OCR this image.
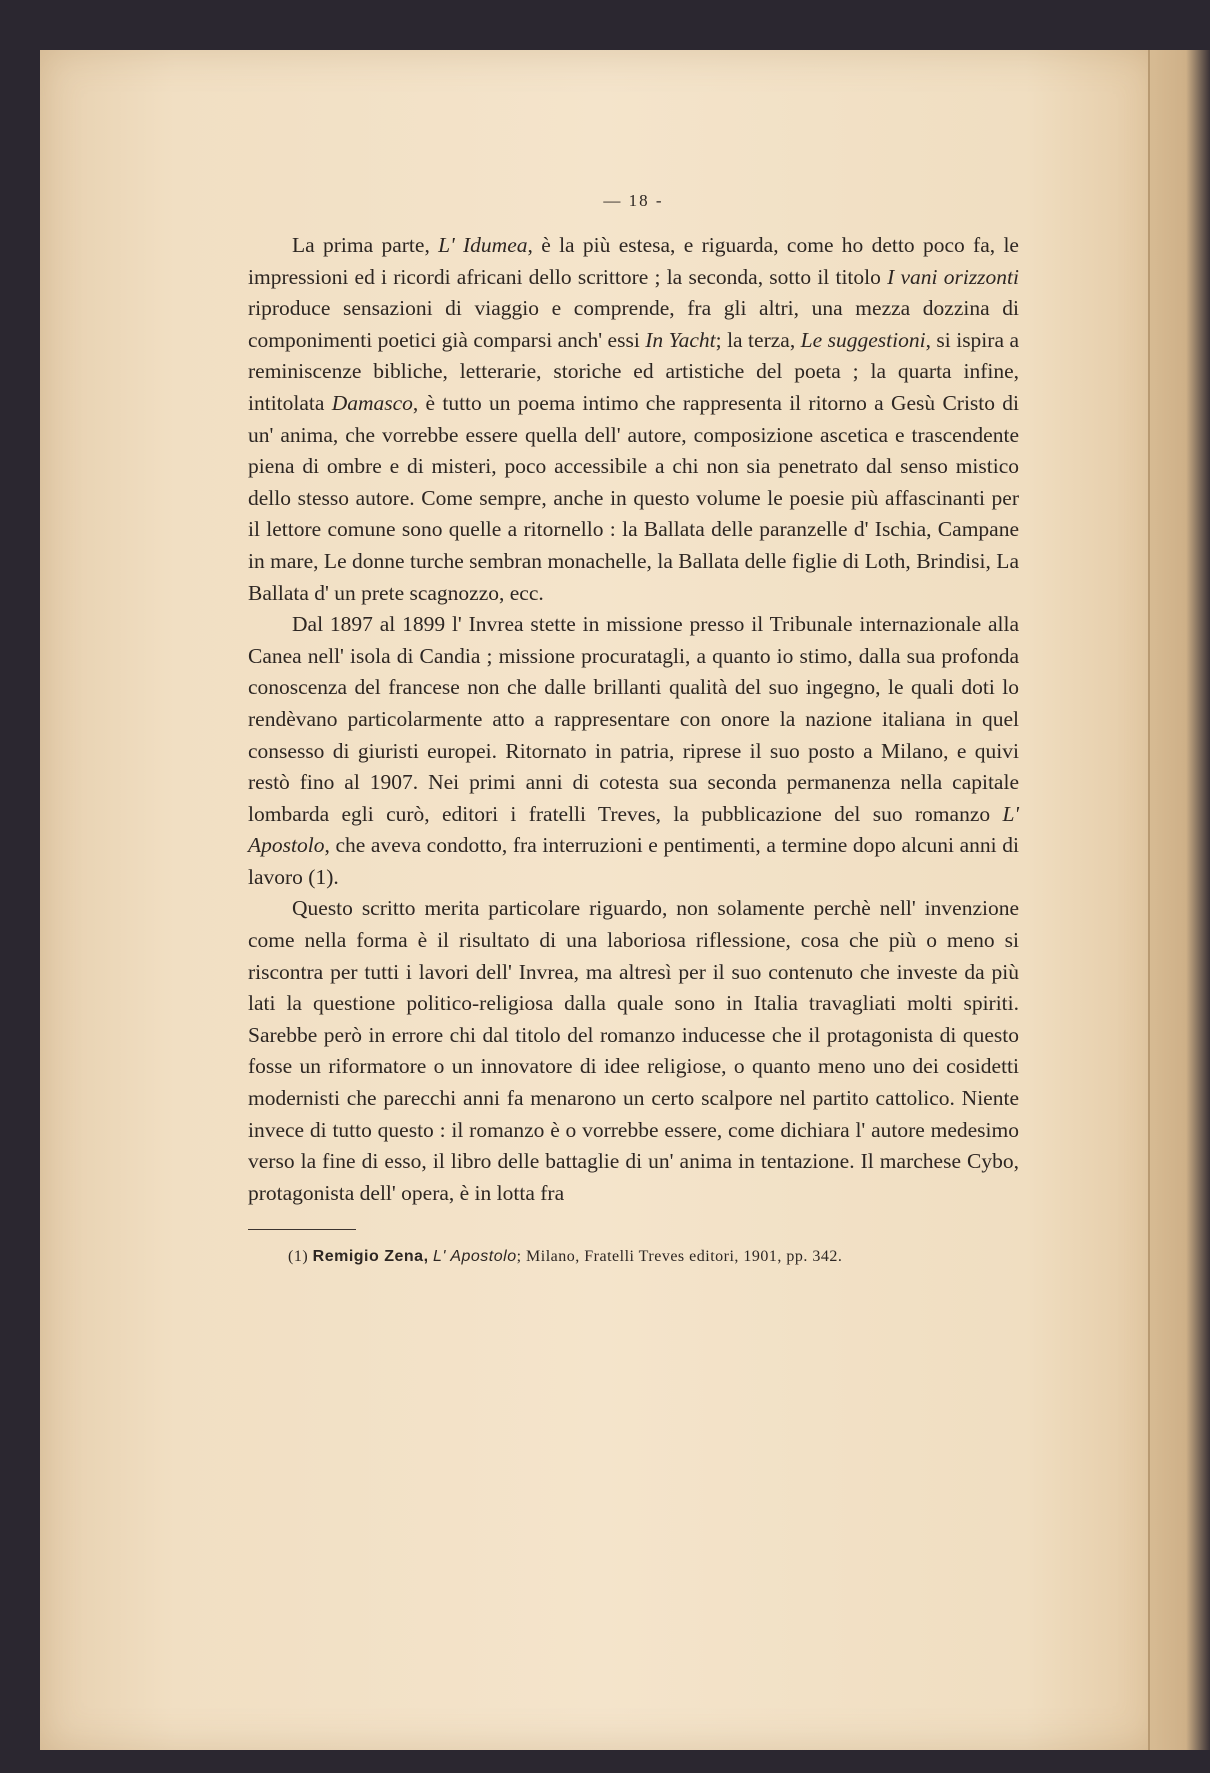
— 18 -

La prima parte, L' Idumea, è la più estesa, e riguarda, come ho detto poco fa, le impressioni ed i ricordi africani dello scrittore ; la seconda, sotto il titolo I vani orizzonti riproduce sensazioni di viaggio e comprende, fra gli altri, una mezza dozzina di componimenti poetici già comparsi anch' essi In Yacht; la terza, Le suggestioni, si ispira a reminiscenze bibliche, letterarie, storiche ed artistiche del poeta ; la quarta infine, intitolata Damasco, è tutto un poema intimo che rappresenta il ritorno a Gesù Cristo di un' anima, che vorrebbe essere quella dell' autore, composizione ascetica e trascendente piena di ombre e di misteri, poco accessibile a chi non sia penetrato dal senso mistico dello stesso autore. Come sempre, anche in questo volume le poesie più affascinanti per il lettore comune sono quelle a ritornello : la Ballata delle paranzelle d' Ischia, Campane in mare, Le donne turche sembran monachelle, la Ballata delle figlie di Loth, Brindisi, La Ballata d' un prete scagnozzo, ecc.

Dal 1897 al 1899 l' Invrea stette in missione presso il Tribunale internazionale alla Canea nell' isola di Candia ; missione procuratagli, a quanto io stimo, dalla sua profonda conoscenza del francese non che dalle brillanti qualità del suo ingegno, le quali doti lo rendèvano particolarmente atto a rappresentare con onore la nazione italiana in quel consesso di giuristi europei. Ritornato in patria, riprese il suo posto a Milano, e quivi restò fino al 1907. Nei primi anni di cotesta sua seconda permanenza nella capitale lombarda egli curò, editori i fratelli Treves, la pubblicazione del suo romanzo L' Apostolo, che aveva condotto, fra interruzioni e pentimenti, a termine dopo alcuni anni di lavoro (1).

Questo scritto merita particolare riguardo, non solamente perchè nell' invenzione come nella forma è il risultato di una laboriosa riflessione, cosa che più o meno si riscontra per tutti i lavori dell' Invrea, ma altresì per il suo contenuto che investe da più lati la questione politico-religiosa dalla quale sono in Italia travagliati molti spiriti. Sarebbe però in errore chi dal titolo del romanzo inducesse che il protagonista di questo fosse un riformatore o un innovatore di idee religiose, o quanto meno uno dei cosidetti modernisti che parecchi anni fa menarono un certo scalpore nel partito cattolico. Niente invece di tutto questo : il romanzo è o vorrebbe essere, come dichiara l' autore medesimo verso la fine di esso, il libro delle battaglie di un' anima in tentazione. Il marchese Cybo, protagonista dell' opera, è in lotta fra

(1) Remigio Zena, L' Apostolo; Milano, Fratelli Treves editori, 1901, pp. 342.
